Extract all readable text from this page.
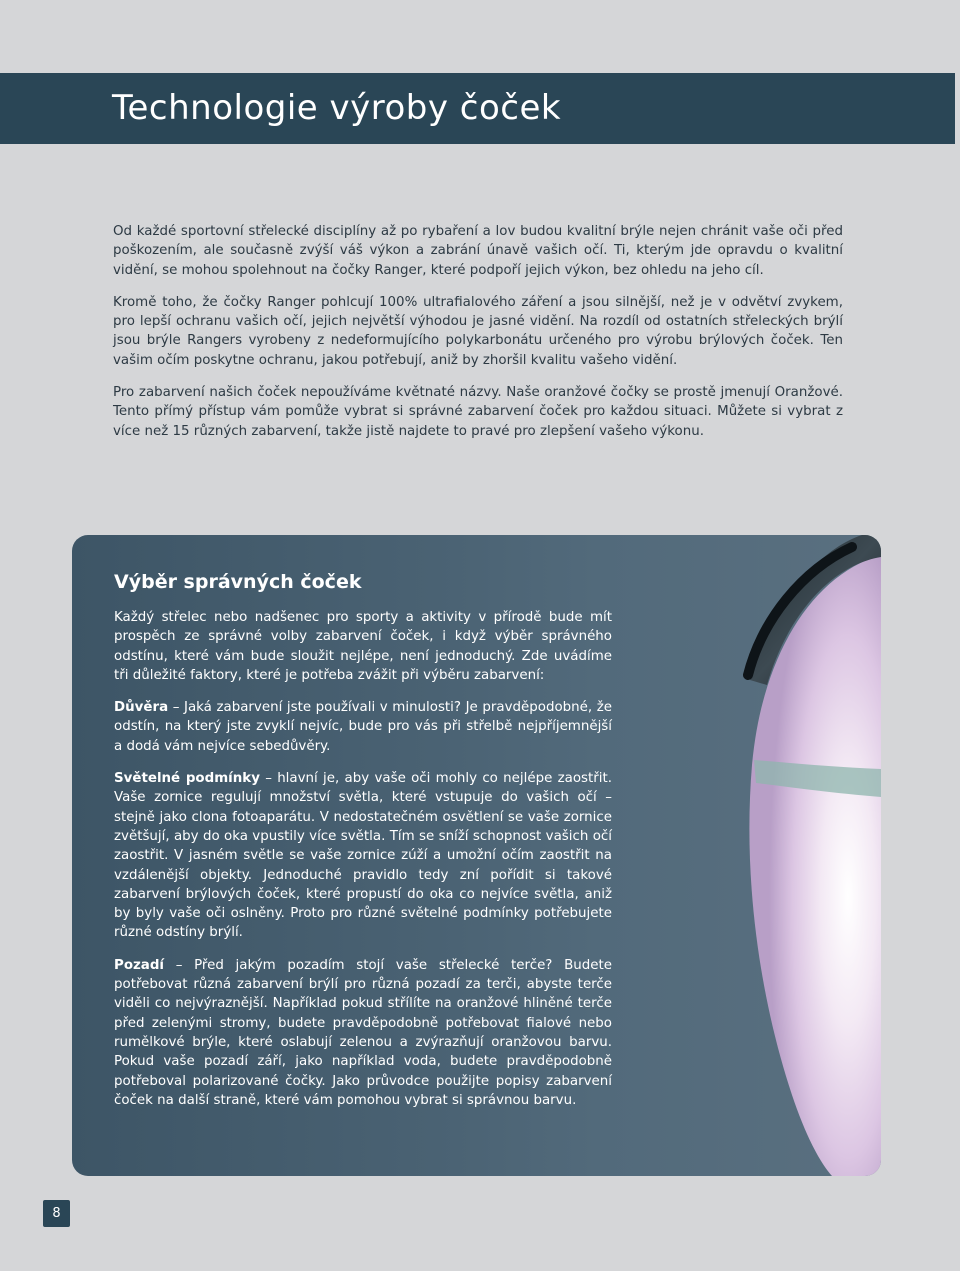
Technologie výroby čoček

Od každé sportovní střelecké disciplíny až po rybaření a lov budou kvalitní brýle nejen chránit vaše oči před poškozením, ale současně zvýší váš výkon a zabrání únavě vašich očí. Ti, kterým jde opravdu o kvalitní vidění, se mohou spolehnout na čočky Ranger, které podpoří jejich výkon, bez ohledu na jeho cíl.

Kromě toho, že čočky Ranger pohlcují 100% ultrafialového záření a jsou silnější, než je v odvětví zvykem, pro lepší ochranu vašich očí, jejich největší výhodou je jasné vidění. Na rozdíl od ostatních střeleckých brýlí jsou brýle Rangers vyrobeny z nedeformujícího polykarbonátu určeného pro výrobu brýlových čoček. Ten vašim očím poskytne ochranu, jakou potřebují, aniž by zhoršil kvalitu vašeho vidění.

Pro zabarvení našich čoček nepoužíváme květnaté názvy. Naše oranžové čočky se prostě jmenují Oranžové. Tento přímý přístup vám pomůže vybrat si správné zabarvení čoček pro každou situaci. Můžete si vybrat z více než 15 různých zabarvení, takže jistě najdete to pravé pro zlepšení vašeho výkonu.

Výběr správných čoček

Každý střelec nebo nadšenec pro sporty a aktivity v přírodě bude mít prospěch ze správné volby zabarvení čoček, i když výběr správného odstínu, které vám bude sloužit nejlépe, není jednoduchý. Zde uvádíme tři důležité faktory, které je potřeba zvážit při výběru zabarvení:

Důvěra – Jaká zabarvení jste používali v minulosti? Je pravděpodobné, že odstín, na který jste zvyklí nejvíc, bude pro vás při střelbě nejpříjemnější a dodá vám nejvíce sebedůvěry.

Světelné podmínky – hlavní je, aby vaše oči mohly co nejlépe zaostřit. Vaše zornice regulují množství světla, které vstupuje do vašich očí – stejně jako clona fotoaparátu. V nedostatečném osvětlení se vaše zornice zvětšují, aby do oka vpustily více světla. Tím se sníží schopnost vašich očí zaostřit. V jasném světle se vaše zornice zúží a umožní očím zaostřit na vzdálenější objekty. Jednoduché pravidlo tedy zní pořídit si takové zabarvení brýlových čoček, které propustí do oka co nejvíce světla, aniž by byly vaše oči oslněny. Proto pro různé světelné podmínky potřebujete různé odstíny brýlí.

Pozadí – Před jakým pozadím stojí vaše střelecké terče? Budete potřebovat různá zabarvení brýlí pro různá pozadí za terči, abyste terče viděli co nejvýraznější. Například pokud střílíte na oranžové hliněné terče před zelenými stromy, budete pravděpodobně potřebovat fialové nebo rumělkové brýle, které oslabují zelenou a zvýrazňují oranžovou barvu. Pokud vaše pozadí září, jako například voda, budete pravděpodobně potřeboval polarizované čočky. Jako průvodce použijte popisy zabarvení čoček na další straně, které vám pomohou vybrat si správnou barvu.

8
